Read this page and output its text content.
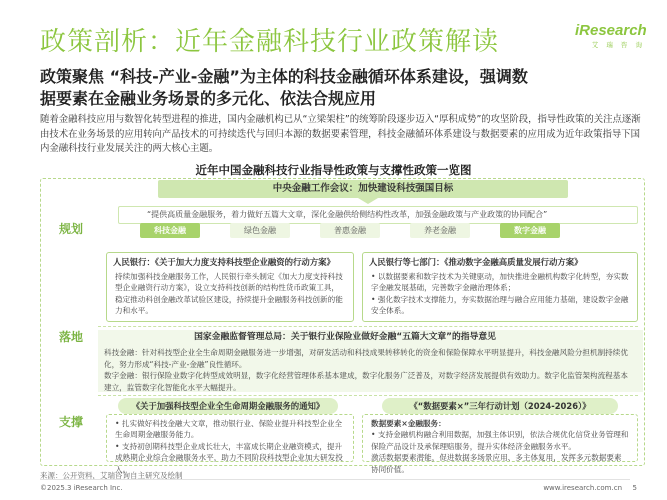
政策剖析：近年金融科技行业政策解读	iResearch
艾 瑞 咨 询
政策聚焦 “科技-产业-金融”为主体的科技金融循环体系建设，强调数
据要素在金融业务场景的多元化、依法合规应用
随着金融科技应用与数智化转型进程的推进，国内金融机构已从“立梁架柱”的统筹阶段逐步迈入“厚积成势”的攻坚阶段，指导性政策的关注点逐渐由技术在业务场景的应用转向产品技术的可持续迭代与回归本源的数据要素管理，科技金融循环体系建设与数据要素的应用成为近年政策指导下国内金融科技行业发展关注的两大核心主题。
近年中国金融科技行业指导性政策与支撑性政策一览图
规划
落地
支撑
中央金融工作会议：加快建设科技强国目标
“提供高质量金融服务，着力做好五篇大文章，深化金融供给侧结构性改革，加强金融政策与产业政策的协同配合”
科技金融	绿色金融	普惠金融	养老金融	数字金融
人民银行：《关于加大力度支持科技型企业融资的行动方案》
持续加强科技金融服务工作，人民银行牵头制定《加大力度支持科技型企业融资行动方案》，设立支持科技创新的结构性货币政策工具，稳定推动科创金融改革试验区建设，持续提升金融服务科技创新的能力和水平。
人民银行等七部门：《推动数字金融高质量发展行动方案》
• 以数据要素和数字技术为关键驱动，加快推进金融机构数字化转型，夯实数字金融发展基础，完善数字金融治理体系；
• 强化数字技术支撑能力，夯实数据治理与融合应用能力基础，建设数字金融安全体系。
国家金融监督管理总局：关于银行业保险业做好金融“五篇大文章”的指导意见
科技金融：针对科技型企业全生命周期金融服务进一步增强，对研发活动和科技成果转移转化的资金和保险保障水平明显提升，科技金融风险分担机制持续优化，努力形成“科技-产业-金融”良性循环。
数字金融：银行保险业数字化转型成效明显，数字化经营管理体系基本建成，数字化服务广泛普及，对数字经济发展提供有效助力。数字化监管架构流程基本建立，监管数字化智能化水平大幅提升。
《关于加强科技型企业全生命周期金融服务的通知》
• 扎实做好科技金融大文章，推动银行业、保险业提升科技型企业全生命周期金融服务能力。
• 支持初创期科技型企业成长壮大，丰富成长期企业融资模式，提升成熟期企业综合金融服务水平，助力不同阶段科技型企业加大研发投入。
《“数据要素×”三年行动计划（2024-2026）》
数据要素×金融服务：
• 支持金融机构融合利用数据，加强主体识别，依法合规优化信贷业务管理和保险产品设计及承保理赔服务，提升实体经济金融服务水平。
激活数据要素潜能，促进数据多场景应用、多主体复用，发挥多元数据要素协同价值。
来源：公开资料，艾瑞咨询自主研究及绘制
©2025.3 iResearch Inc.	www.iresearch.com.cn 5
